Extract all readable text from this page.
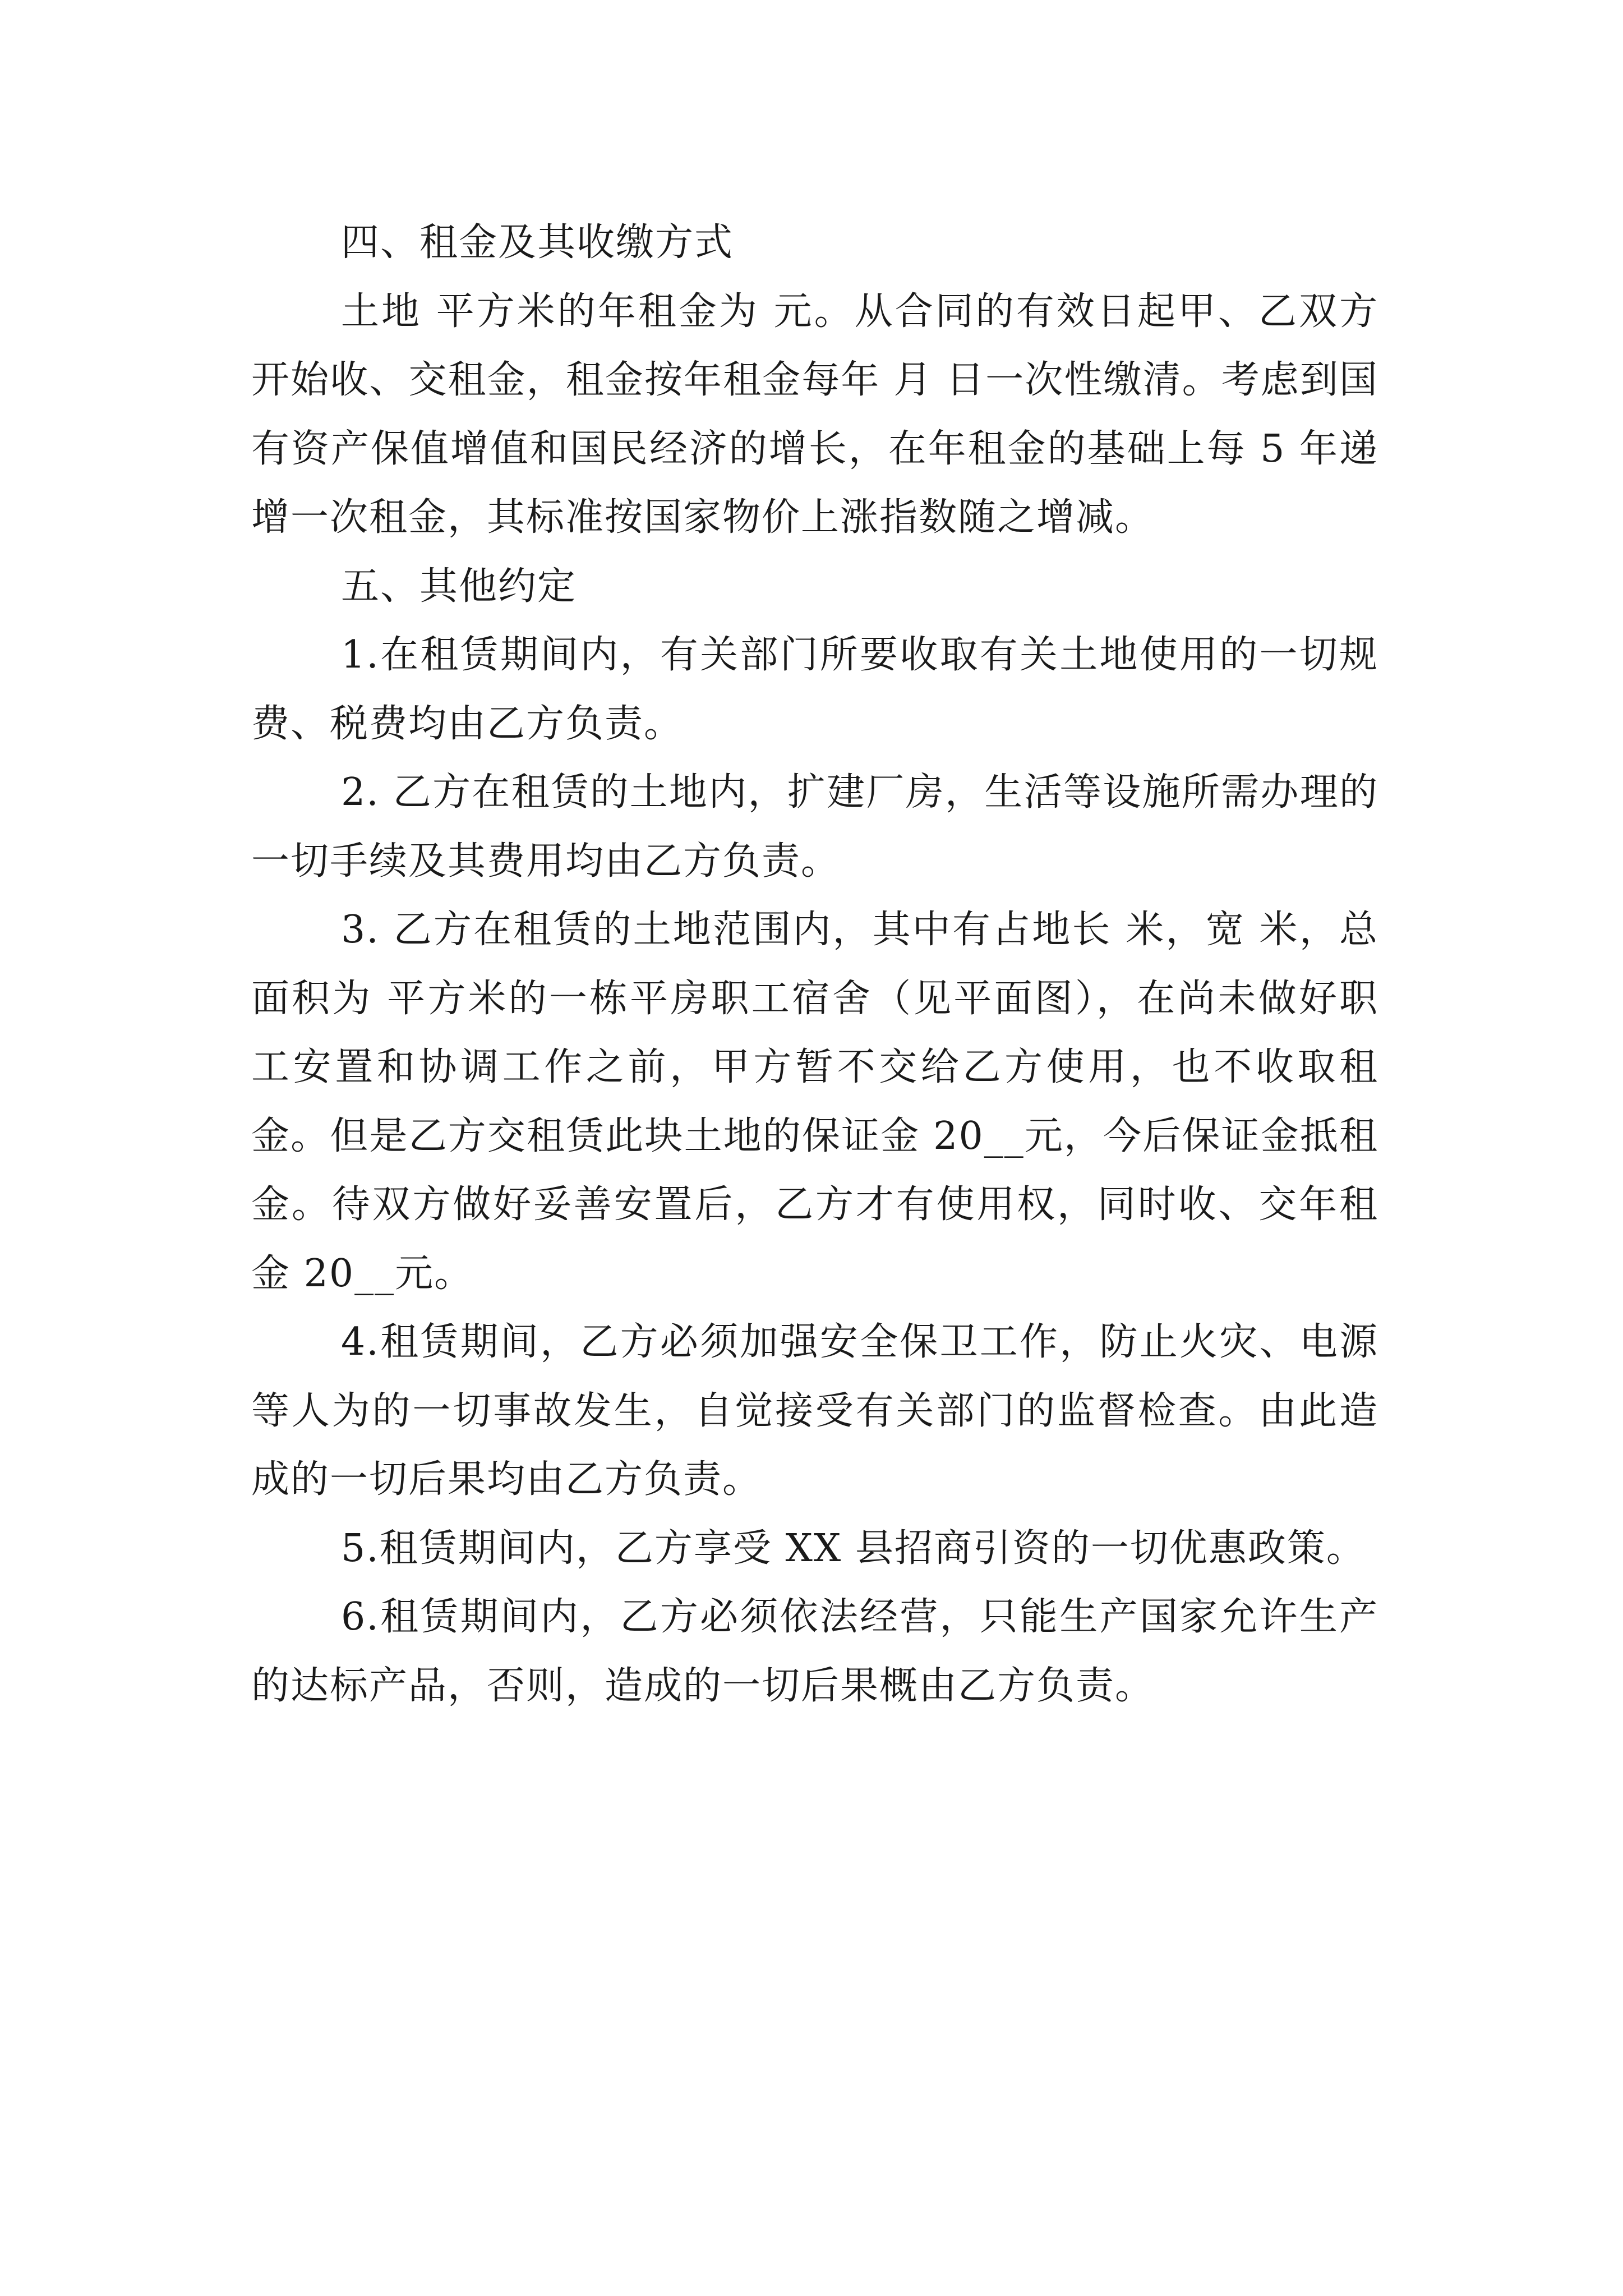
四、租金及其收缴方式

土地 平方米的年租金为 元。从合同的有效日起甲、乙双方开始收、交租金，租金按年租金每年 月 日一次性缴清。考虑到国有资产保值增值和国民经济的增长，在年租金的基础上每 5 年递增一次租金，其标准按国家物价上涨指数随之增减。

五、其他约定

1.在租赁期间内，有关部门所要收取有关土地使用的一切规费、税费均由乙方负责。

2. 乙方在租赁的土地内，扩建厂房，生活等设施所需办理的一切手续及其费用均由乙方负责。

3. 乙方在租赁的土地范围内，其中有占地长 米，宽 米，总面积为 平方米的一栋平房职工宿舍（见平面图），在尚未做好职工安置和协调工作之前，甲方暂不交给乙方使用，也不收取租金。但是乙方交租赁此块土地的保证金 20__元，今后保证金抵租金。待双方做好妥善安置后，乙方才有使用权，同时收、交年租金 20__元。

4.租赁期间，乙方必须加强安全保卫工作，防止火灾、电源等人为的一切事故发生，自觉接受有关部门的监督检查。由此造成的一切后果均由乙方负责。

5.租赁期间内，乙方享受 XX 县招商引资的一切优惠政策。

6.租赁期间内，乙方必须依法经营，只能生产国家允许生产的达标产品，否则，造成的一切后果概由乙方负责。
